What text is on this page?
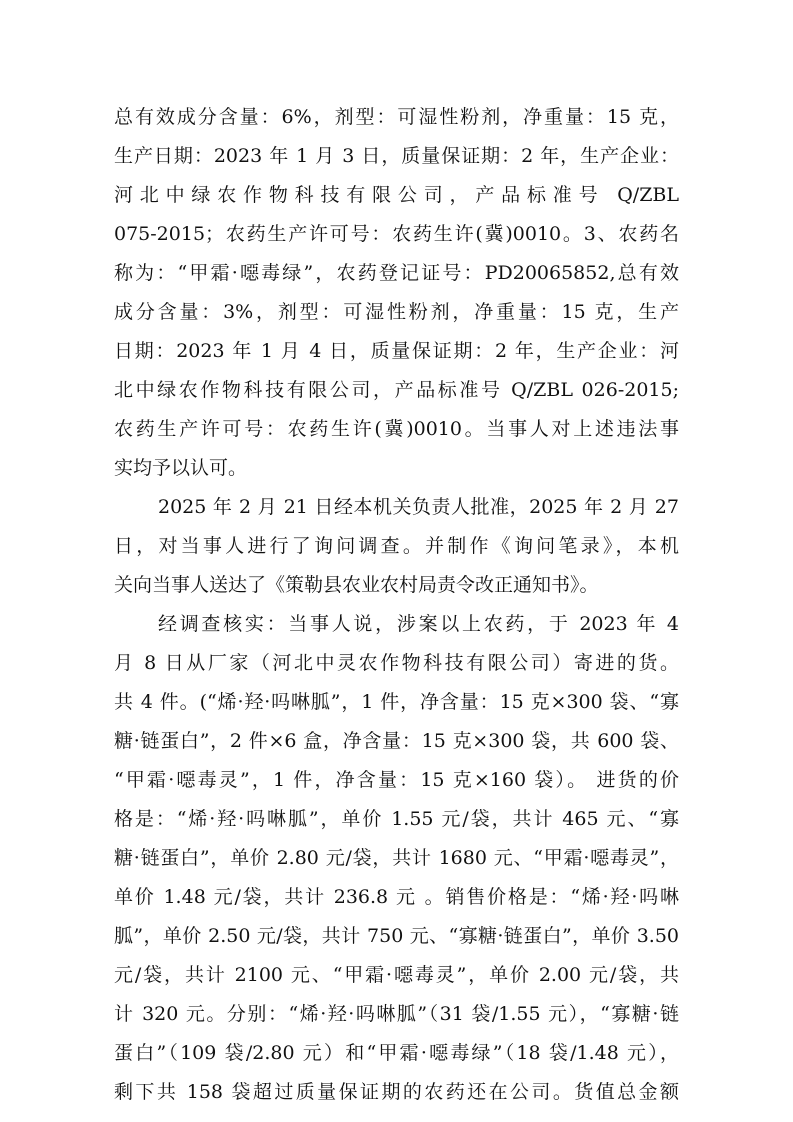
总有效成分含量：6%，剂型：可湿性粉剂，净重量：15 克，
生产日期：2023 年 1 月 3 日，质量保证期：2 年，生产企业：
河北中绿农作物科技有限公司，产品标准号 Q/ZBL
075-2015；农药生产许可号：农药生许(冀)0010。3、农药名
称为：“甲霜·噁毒绿”，农药登记证号：PD20065852,总有效
成分含量：3%，剂型：可湿性粉剂，净重量：15 克，生产
日期：2023 年 1 月 4 日，质量保证期：2 年，生产企业：河
北中绿农作物科技有限公司，产品标准号 Q/ZBL 026-2015;
农药生产许可号：农药生许(冀)0010。当事人对上述违法事
实均予以认可。
2025 年 2 月 21 日经本机关负责人批准，2025 年 2 月 27
日，对当事人进行了询问调查。并制作《询问笔录》，本机
关向当事人送达了《策勒县农业农村局责令改正通知书》。
经调查核实：当事人说，涉案以上农药，于 2023 年 4
月 8 日从厂家（河北中灵农作物科技有限公司）寄进的货。
共 4 件。(“烯·羟·吗啉胍”，1 件，净含量：15 克×300 袋、“寡
糖·链蛋白”，2 件×6 盒，净含量：15 克×300 袋，共 600 袋、
“甲霜·噁毒灵”，1 件，净含量：15 克×160 袋）。 进货的价
格是：“烯·羟·吗啉胍”，单价 1.55 元/袋，共计 465 元、“寡
糖·链蛋白”，单价 2.80 元/袋，共计 1680 元、“甲霜·噁毒灵”，
单价 1.48 元/袋，共计 236.8 元 。销售价格是：“烯·羟·吗啉
胍”，单价 2.50 元/袋，共计 750 元、“寡糖·链蛋白”，单价 3.50
元/袋，共计 2100 元、“甲霜·噁毒灵”，单价 2.00 元/袋，共
计 320 元。分别：“烯·羟·吗啉胍”（31 袋/1.55 元），“寡糖·链
蛋白”（109 袋/2.80 元）和“甲霜·噁毒绿”（18 袋/1.48 元），
剩下共 158 袋超过质量保证期的农药还在公司。货值总金额
